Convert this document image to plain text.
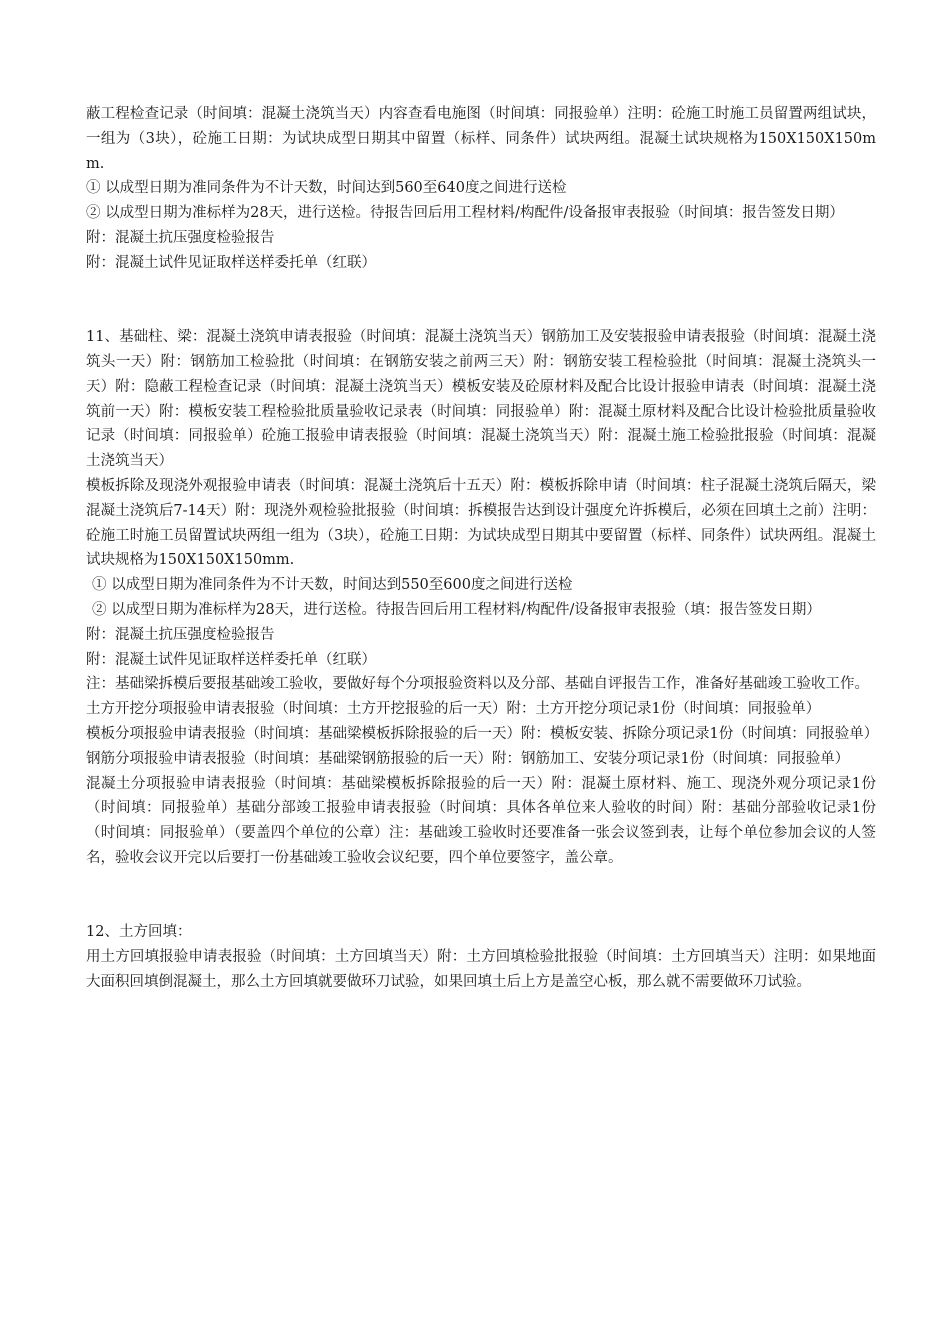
蔽工程检查记录（时间填：混凝土浇筑当天）内容查看电施图（时间填：同报验单）注明：砼施工时施工员留置两组试块，一组为（3块），砼施工日期：为试块成型日期其中留置（标样、同条件）试块两组。混凝土试块规格为150X150X150mm.

① 以成型日期为准同条件为不计天数，时间达到560至640度之间进行送检

② 以成型日期为准标样为28天，进行送检。待报告回后用工程材料/构配件/设备报审表报验（时间填：报告签发日期）

附：混凝土抗压强度检验报告

附：混凝土试件见证取样送样委托单（红联）

11、基础柱、梁：混凝土浇筑申请表报验（时间填：混凝土浇筑当天）钢筋加工及安装报验申请表报验（时间填：混凝土浇筑头一天）附：钢筋加工检验批（时间填：在钢筋安装之前两三天）附：钢筋安装工程检验批（时间填：混凝土浇筑头一天）附：隐蔽工程检查记录（时间填：混凝土浇筑当天）模板安装及砼原材料及配合比设计报验申请表（时间填：混凝土浇筑前一天）附：模板安装工程检验批质量验收记录表（时间填：同报验单）附：混凝土原材料及配合比设计检验批质量验收记录（时间填：同报验单）砼施工报验申请表报验（时间填：混凝土浇筑当天）附：混凝土施工检验批报验（时间填：混凝土浇筑当天）

模板拆除及现浇外观报验申请表（时间填：混凝土浇筑后十五天）附：模板拆除申请（时间填：柱子混凝土浇筑后隔天，梁混凝土浇筑后7-14天）附：现浇外观检验批报验（时间填：拆模报告达到设计强度允许拆模后，必须在回填土之前）注明：砼施工时施工员留置试块两组一组为（3块），砼施工日期：为试块成型日期其中要留置（标样、同条件）试块两组。混凝土试块规格为150X150X150mm.

① 以成型日期为准同条件为不计天数，时间达到550至600度之间进行送检

② 以成型日期为准标样为28天，进行送检。待报告回后用工程材料/构配件/设备报审表报验（填：报告签发日期）

附：混凝土抗压强度检验报告

附：混凝土试件见证取样送样委托单（红联）

注：基础梁拆模后要报基础竣工验收，要做好每个分项报验资料以及分部、基础自评报告工作，准备好基础竣工验收工作。

土方开挖分项报验申请表报验（时间填：土方开挖报验的后一天）附：土方开挖分项记录1份（时间填：同报验单）

模板分项报验申请表报验（时间填：基础梁模板拆除报验的后一天）附：模板安装、拆除分项记录1份（时间填：同报验单）

钢筋分项报验申请表报验（时间填：基础梁钢筋报验的后一天）附：钢筋加工、安装分项记录1份（时间填：同报验单）

混凝土分项报验申请表报验（时间填：基础梁模板拆除报验的后一天）附：混凝土原材料、施工、现浇外观分项记录1份（时间填：同报验单）基础分部竣工报验申请表报验（时间填：具体各单位来人验收的时间）附：基础分部验收记录1份（时间填：同报验单）（要盖四个单位的公章）注：基础竣工验收时还要准备一张会议签到表，让每个单位参加会议的人签名，验收会议开完以后要打一份基础竣工验收会议纪要，四个单位要签字，盖公章。

12、土方回填：

用土方回填报验申请表报验（时间填：土方回填当天）附：土方回填检验批报验（时间填：土方回填当天）注明：如果地面大面积回填倒混凝土，那么土方回填就要做环刀试验，如果回填土后上方是盖空心板，那么就不需要做环刀试验。
